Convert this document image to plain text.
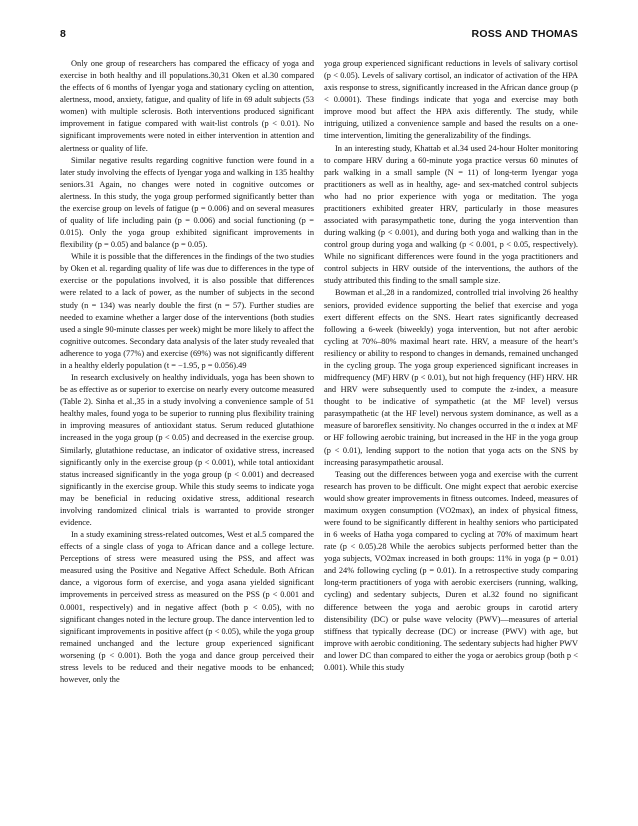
8	ROSS AND THOMAS

Only one group of researchers has compared the efficacy of yoga and exercise in both healthy and ill populations.30,31 Oken et al.30 compared the effects of 6 months of Iyengar yoga and stationary cycling on attention, alertness, mood, anxiety, fatigue, and quality of life in 69 adult subjects (53 women) with multiple sclerosis. Both interventions produced significant improvement in fatigue compared with wait-list controls (p < 0.01). No significant improvements were noted in either intervention in attention and alertness or quality of life.

Similar negative results regarding cognitive function were found in a later study involving the effects of Iyengar yoga and walking in 135 healthy seniors.31 Again, no changes were noted in cognitive outcomes or alertness. In this study, the yoga group performed significantly better than the exercise group on levels of fatigue (p = 0.006) and on several measures of quality of life including pain (p = 0.006) and social functioning (p = 0.015). Only the yoga group exhibited significant improvements in flexibility (p = 0.05) and balance (p = 0.05).

While it is possible that the differences in the findings of the two studies by Oken et al. regarding quality of life was due to differences in the type of exercise or the populations involved, it is also possible that differences were related to a lack of power, as the number of subjects in the second study (n = 134) was nearly double the first (n = 57). Further studies are needed to examine whether a larger dose of the interventions (both studies used a single 90-minute classes per week) might be more likely to affect the cognitive outcomes. Secondary data analysis of the later study revealed that adherence to yoga (77%) and exercise (69%) was not significantly different in a healthy elderly population (t = −1.95, p = 0.056).49

In research exclusively on healthy individuals, yoga has been shown to be as effective as or superior to exercise on nearly every outcome measured (Table 2). Sinha et al.,35 in a study involving a convenience sample of 51 healthy males, found yoga to be superior to running plus flexibility training in improving measures of antioxidant status. Serum reduced glutathione increased in the yoga group (p < 0.05) and decreased in the exercise group. Similarly, glutathione reductase, an indicator of oxidative stress, increased significantly only in the exercise group (p < 0.001), while total antioxidant status increased significantly in the yoga group (p < 0.001) and decreased significantly in the exercise group. While this study seems to indicate yoga may be beneficial in reducing oxidative stress, additional research involving randomized clinical trials is warranted to provide stronger evidence.

In a study examining stress-related outcomes, West et al.5 compared the effects of a single class of yoga to African dance and a college lecture. Perceptions of stress were measured using the PSS, and affect was measured using the Positive and Negative Affect Schedule. Both African dance, a vigorous form of exercise, and yoga asana yielded significant improvements in perceived stress as measured on the PSS (p < 0.001 and 0.0001, respectively) and in negative affect (both p < 0.05), with no significant changes noted in the lecture group. The dance intervention led to significant improvements in positive affect (p < 0.05), while the yoga group remained unchanged and the lecture group experienced significant worsening (p < 0.001). Both the yoga and dance group perceived their stress levels to be reduced and their negative moods to be enhanced; however, only the

yoga group experienced significant reductions in levels of salivary cortisol (p < 0.05). Levels of salivary cortisol, an indicator of activation of the HPA axis response to stress, significantly increased in the African dance group (p < 0.0001). These findings indicate that yoga and exercise may both improve mood but affect the HPA axis differently. The study, while intriguing, utilized a convenience sample and based the results on a one-time intervention, limiting the generalizability of the findings.

In an interesting study, Khattab et al.34 used 24-hour Holter monitoring to compare HRV during a 60-minute yoga practice versus 60 minutes of park walking in a small sample (N = 11) of long-term Iyengar yoga practitioners as well as in healthy, age- and sex-matched control subjects who had no prior experience with yoga or meditation. The yoga practitioners exhibited greater HRV, particularly in those measures associated with parasympathetic tone, during the yoga intervention than during walking (p < 0.001), and during both yoga and walking than in the control group during yoga and walking (p < 0.001, p < 0.05, respectively). While no significant differences were found in the yoga practitioners and control subjects in HRV outside of the interventions, the authors of the study attributed this finding to the small sample size.

Bowman et al.,28 in a randomized, controlled trial involving 26 healthy seniors, provided evidence supporting the belief that exercise and yoga exert different effects on the SNS. Heart rates significantly decreased following a 6-week (biweekly) yoga intervention, but not after aerobic cycling at 70%–80% maximal heart rate. HRV, a measure of the heart’s resiliency or ability to respond to changes in demands, remained unchanged in the cycling group. The yoga group experienced significant increases in midfrequency (MF) HRV (p < 0.01), but not high frequency (HF) HRV. HR and HRV were subsequently used to compute the z-index, a measure thought to be indicative of sympathetic (at the MF level) versus parasympathetic (at the HF level) nervous system dominance, as well as a measure of baroreflex sensitivity. No changes occurred in the α index at MF or HF following aerobic training, but increased in the HF in the yoga group (p < 0.01), lending support to the notion that yoga acts on the SNS by increasing parasympathetic arousal.

Teasing out the differences between yoga and exercise with the current research has proven to be difficult. One might expect that aerobic exercise would show greater improvements in fitness outcomes. Indeed, measures of maximum oxygen consumption (VO2max), an index of physical fitness, were found to be significantly different in healthy seniors who participated in 6 weeks of Hatha yoga compared to cycling at 70% of maximum heart rate (p < 0.05).28 While the aerobics subjects performed better than the yoga subjects, VO2max increased in both groups: 11% in yoga (p = 0.01) and 24% following cycling (p = 0.01). In a retrospective study comparing long-term practitioners of yoga with aerobic exercisers (running, walking, cycling) and sedentary subjects, Duren et al.32 found no significant difference between the yoga and aerobic groups in carotid artery distensibility (DC) or pulse wave velocity (PWV)—measures of arterial stiffness that typically decrease (DC) or increase (PWV) with age, but improve with aerobic conditioning. The sedentary subjects had higher PWV and lower DC than compared to either the yoga or aerobics group (both p < 0.001). While this study
